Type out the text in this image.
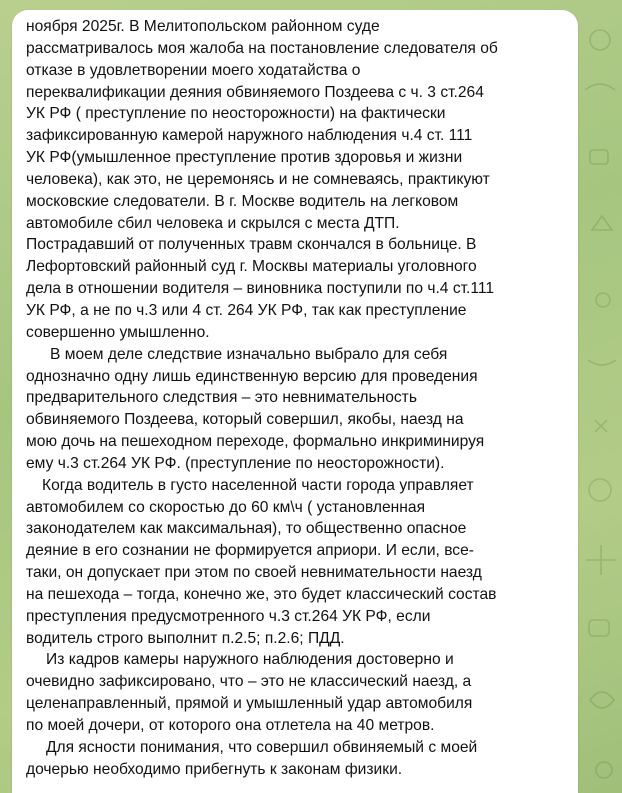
ноября 2025г. В Мелитопольском районном суде
рассматривалось моя жалоба на постановление следователя об
отказе в удовлетворении моего ходатайства о
переквалификации деяния обвиняемого Поздеева с ч. 3 ст.264
УК РФ ( преступление по неосторожности) на фактически
зафиксированную камерой наружного наблюдения ч.4 ст. 111
УК РФ(умышленное преступление против здоровья и жизни
человека), как это, не церемонясь и не сомневаясь, практикуют
московские следователи. В г. Москве водитель на легковом
автомобиле сбил человека и скрылся с места ДТП.
Пострадавший от полученных травм скончался в больнице. В
Лефортовский районный суд г. Москвы материалы уголовного
дела в отношении водителя – виновника поступили по ч.4 ст.111
УК РФ, а не по ч.3 или 4 ст. 264 УК РФ, так как преступление
совершенно умышленно.
В моем деле следствие изначально выбрало для себя
однозначно одну лишь единственную версию для проведения
предварительного следствия – это невнимательность
обвиняемого Поздеева, который совершил, якобы, наезд на
мою дочь на пешеходном переходе, формально инкриминируя
ему ч.3 ст.264 УК РФ. (преступление по неосторожности).
Когда водитель в густо населенной части города управляет
автомобилем со скоростью до 60 км\ч ( установленная
законодателем как максимальная), то общественно опасное
деяние в его сознании не формируется априори. И если, все-
таки, он допускает при этом по своей невнимательности наезд
на пешехода – тогда, конечно же, это будет классический состав
преступления предусмотренного ч.3 ст.264 УК РФ, если
водитель строго выполнит п.2.5; п.2.6; ПДД.
Из кадров камеры наружного наблюдения достоверно и
очевидно зафиксировано, что – это не классический наезд, а
целенаправленный, прямой и умышленный удар автомобиля
по моей дочери, от которого она отлетела на 40 метров.
Для ясности понимания, что совершил обвиняемый с моей
дочерью необходимо прибегнуть к законам физики.
